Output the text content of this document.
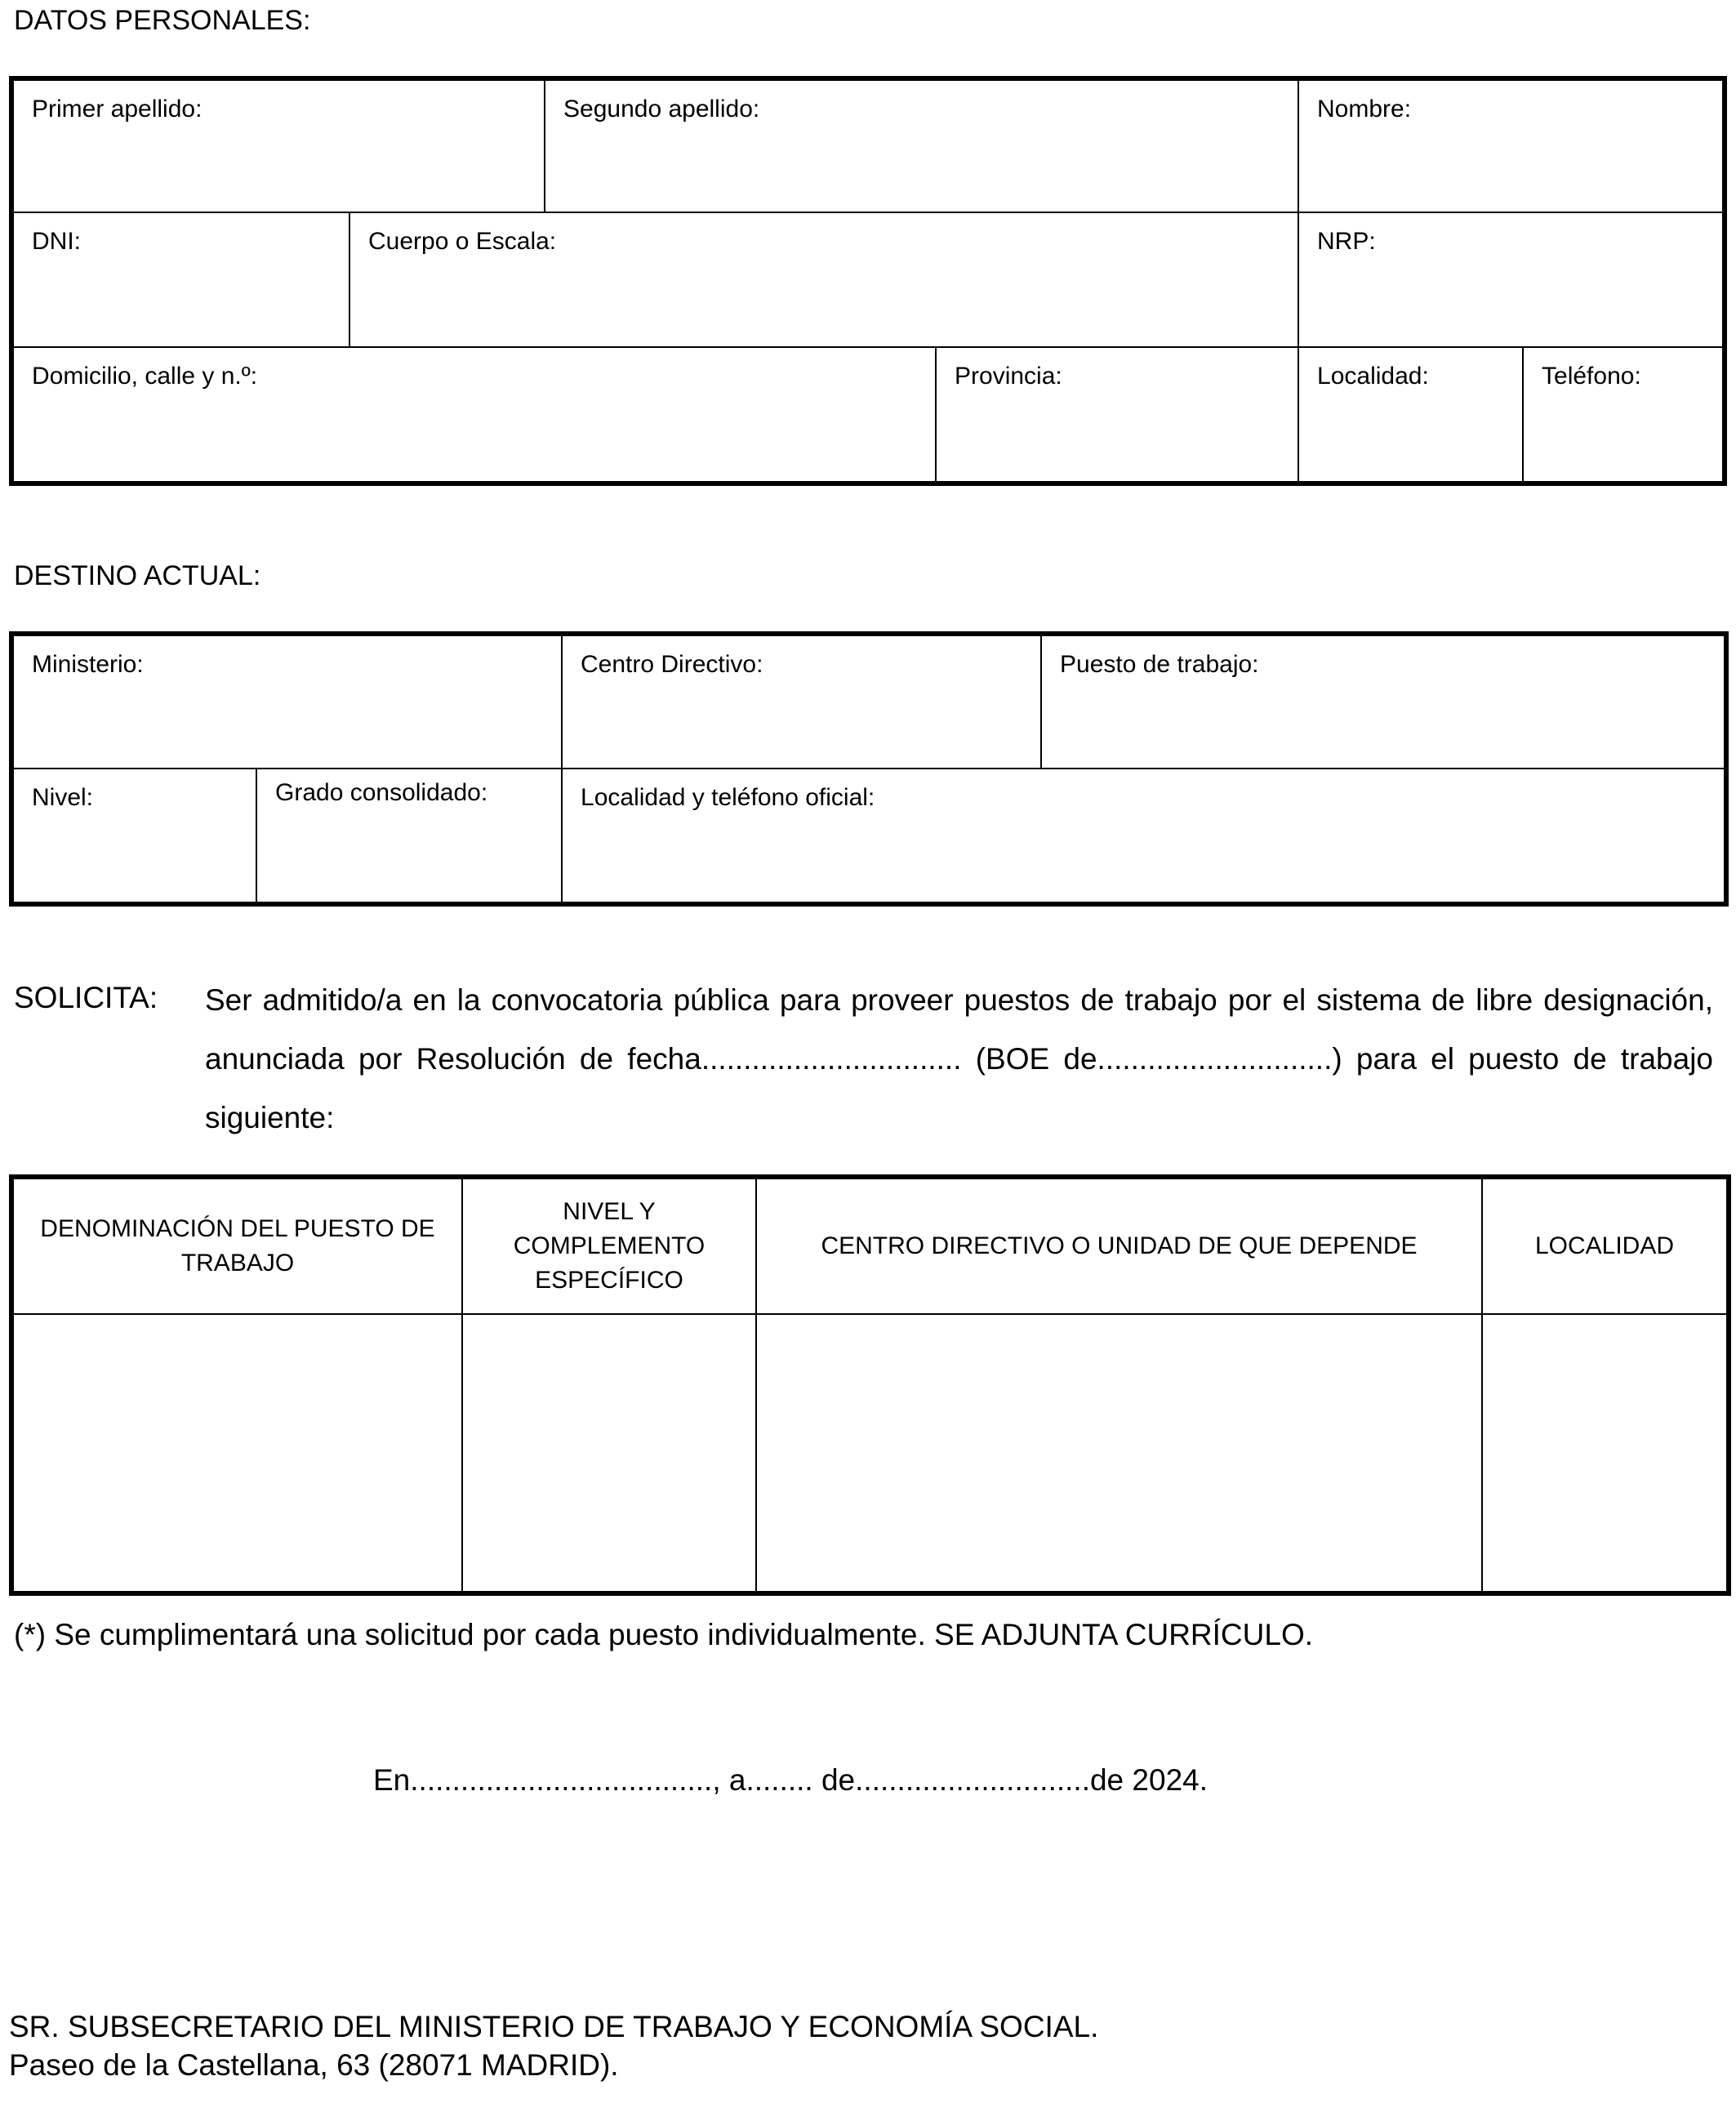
DATOS PERSONALES:
Primer apellido:		Segundo apellido:		Nombre:	
DNI:	Cuerpo o Escala:			NRP:	
Domicilio, calle y n.º:			Provincia:	Localidad:	Teléfono:
DESTINO ACTUAL:
Ministerio:		Centro Directivo:	Puesto de trabajo:
Nivel:	Grado consolidado:	Localidad y teléfono oficial:	
SOLICITA: Ser admitido/a en la convocatoria pública para proveer puestos de trabajo por el sistema de libre designación, anunciada por Resolución de fecha............................... (BOE de............................) para el puesto de trabajo siguiente:
DENOMINACIÓN DEL PUESTO DE TRABAJO	NIVEL Y COMPLEMENTO ESPECÍFICO	CENTRO DIRECTIVO O UNIDAD DE QUE DEPENDE	LOCALIDAD

(*) Se cumplimentará una solicitud por cada puesto individualmente. SE ADJUNTA CURRÍCULO.
En...................................., a........ de............................de 2024.
SR. SUBSECRETARIO DEL MINISTERIO DE TRABAJO Y ECONOMÍA SOCIAL.
Paseo de la Castellana, 63 (28071 MADRID).
